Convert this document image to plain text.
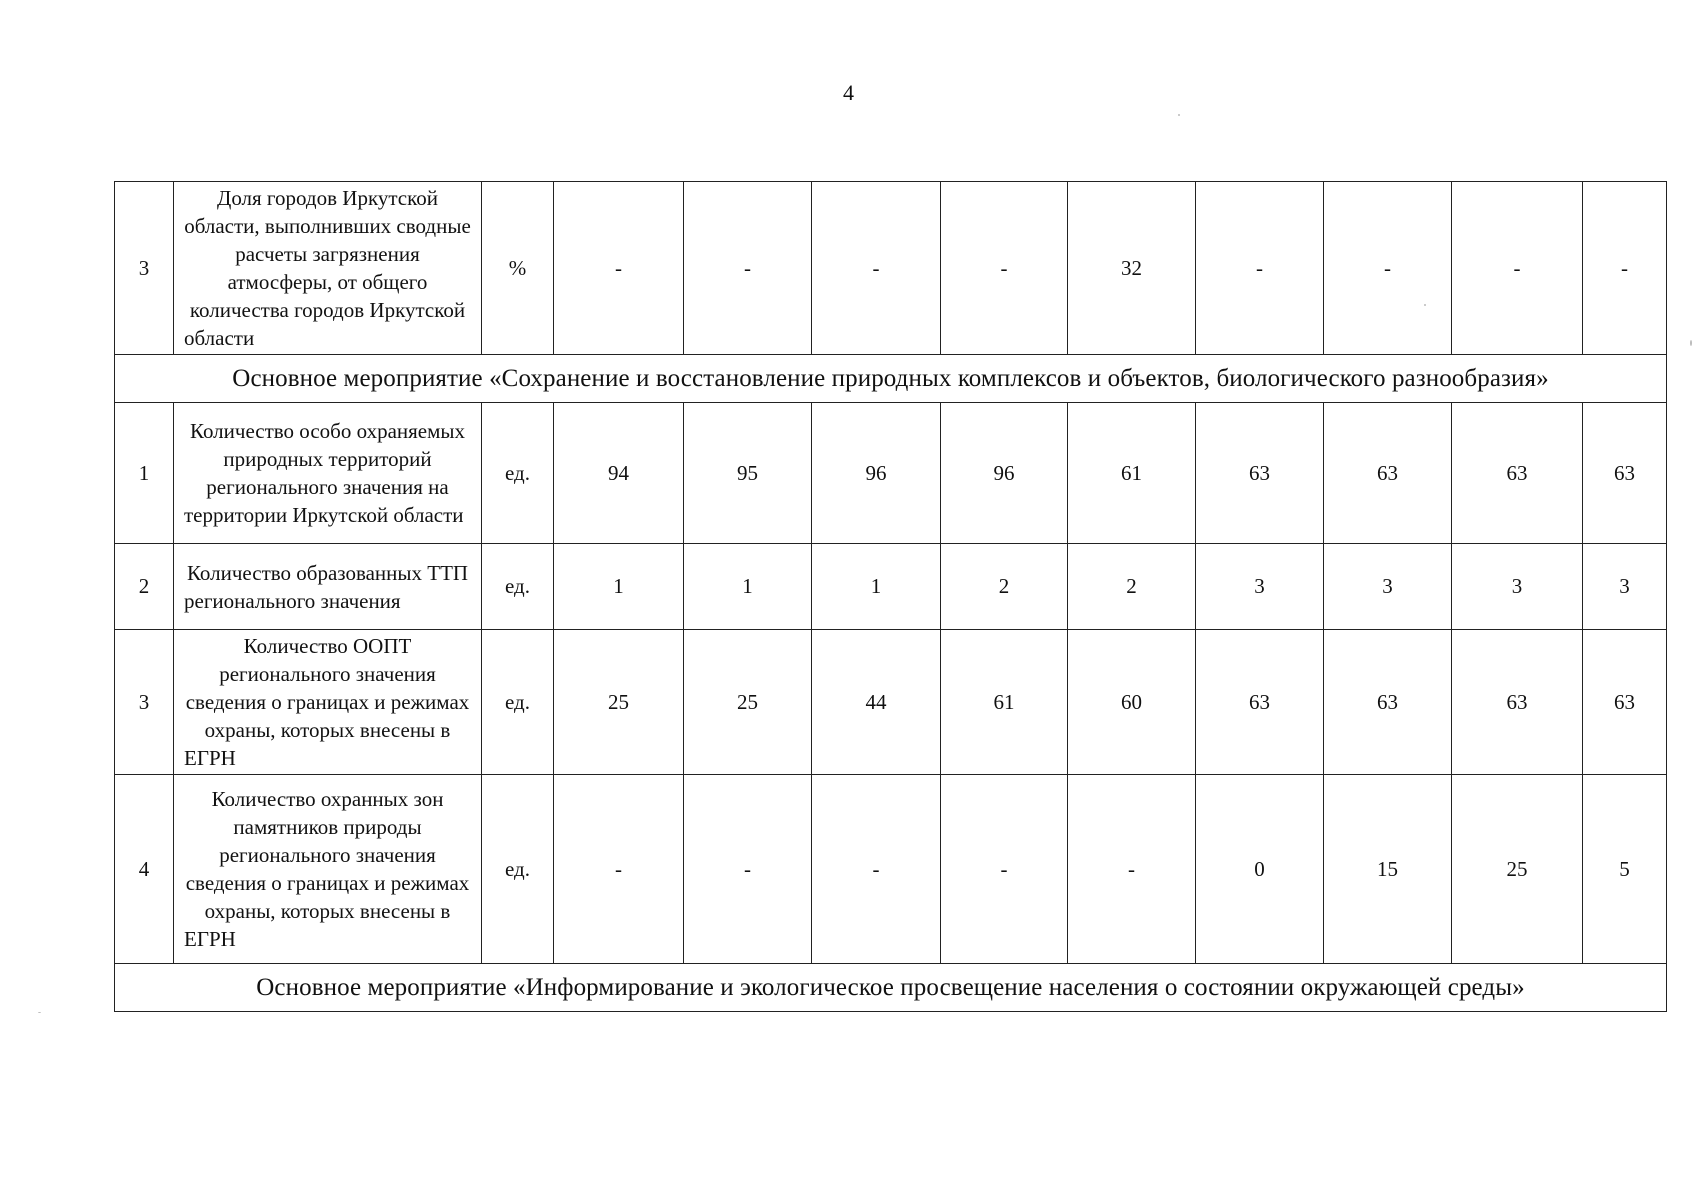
4
3	Доля городов Иркутской области, выполнивших сводные расчеты загрязнения атмосферы, от общего количества городов Иркутской области	%	-	-	-	-	32	-	-	-	-
Основное мероприятие «Сохранение и восстановление природных комплексов и объектов, биологического разнообразия»											
1	Количество особо охраняемых природных территорий регионального значения на территории Иркутской области	ед.	94	95	96	96	61	63	63	63	63
2	Количество образованных ТТП регионального значения	ед.	1	1	1	2	2	3	3	3	3
3	Количество ООПТ регионального значения сведения о границах и режимах охраны, которых внесены в ЕГРН	ед.	25	25	44	61	60	63	63	63	63
4	Количество охранных зон памятников природы регионального значения сведения о границах и режимах охраны, которых внесены в ЕГРН	ед.	-	-	-	-	-	0	15	25	5
Основное мероприятие «Информирование и экологическое просвещение населения о состоянии окружающей среды»											
